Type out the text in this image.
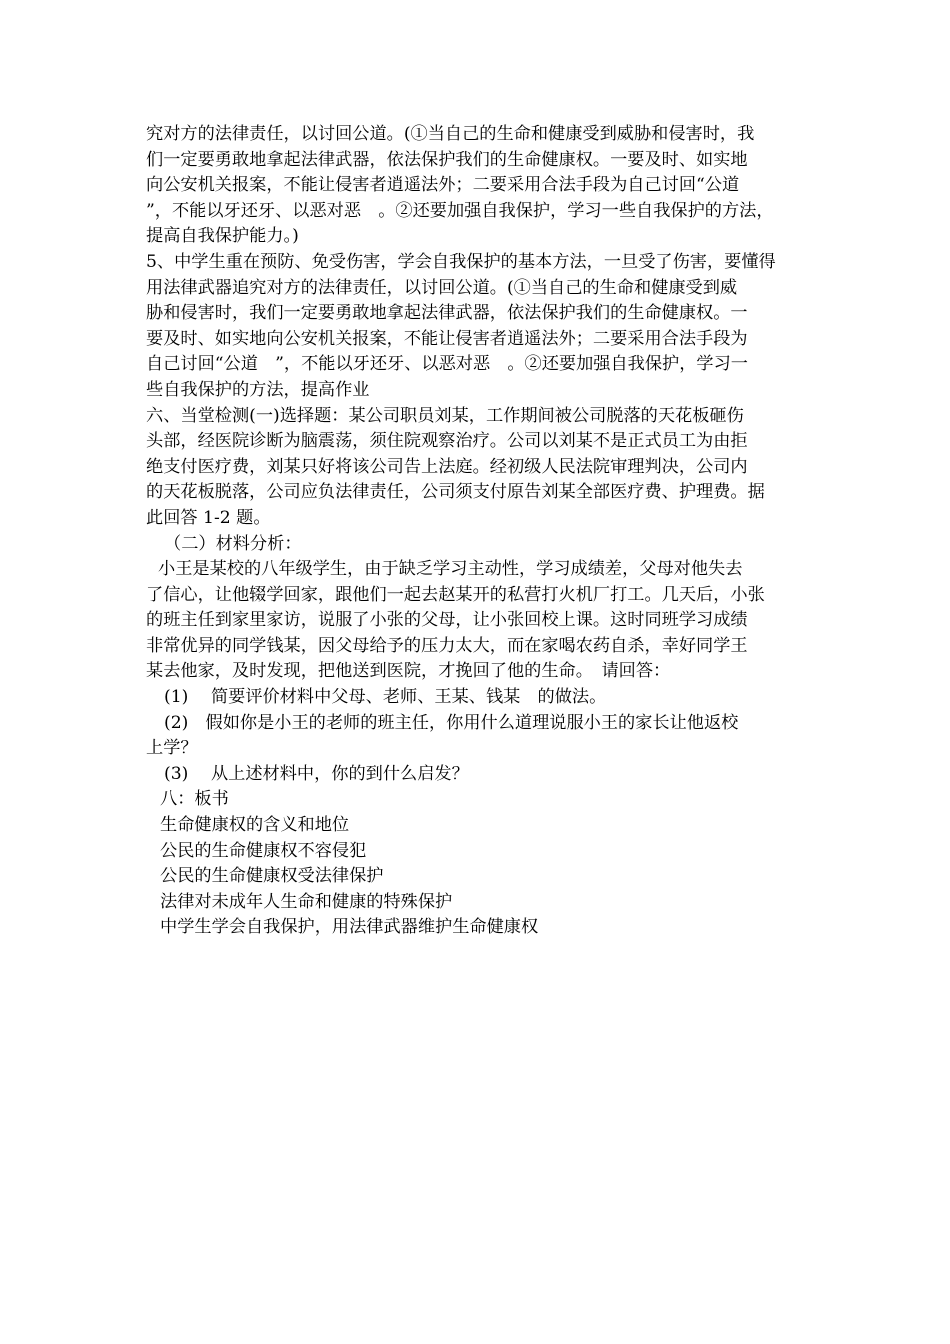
究对方的法律责任，以讨回公道。(①当自己的生命和健康受到威胁和侵害时，我
们一定要勇敢地拿起法律武器，依法保护我们的生命健康权。一要及时、如实地
向公安机关报案，不能让侵害者逍遥法外；二要采用合法手段为自己讨回“公道
”，不能以牙还牙、以恶对恶　。②还要加强自我保护，学习一些自我保护的方法，
提高自我保护能力。)
5、中学生重在预防、免受伤害，学会自我保护的基本方法，一旦受了伤害，要懂得
用法律武器追究对方的法律责任，以讨回公道。(①当自己的生命和健康受到威
胁和侵害时，我们一定要勇敢地拿起法律武器，依法保护我们的生命健康权。一
要及时、如实地向公安机关报案，不能让侵害者逍遥法外；二要采用合法手段为
自己讨回“公道　”，不能以牙还牙、以恶对恶　。②还要加强自我保护，学习一
些自我保护的方法，提高作业
六、当堂检测(一)选择题：某公司职员刘某，工作期间被公司脱落的天花板砸伤
头部，经医院诊断为脑震荡，须住院观察治疗。公司以刘某不是正式员工为由拒
绝支付医疗费，刘某只好将该公司告上法庭。经初级人民法院审理判决，公司内
的天花板脱落，公司应负法律责任，公司须支付原告刘某全部医疗费、护理费。据
此回答 1-2 题。
（二）材料分析：
小王是某校的八年级学生，由于缺乏学习主动性，学习成绩差，父母对他失去
了信心，让他辍学回家，跟他们一起去赵某开的私营打火机厂打工。几天后，小张
的班主任到家里家访，说服了小张的父母，让小张回校上课。这时同班学习成绩
非常优异的同学钱某，因父母给予的压力太大，而在家喝农药自杀，幸好同学王
某去他家，及时发现，把他送到医院，才挽回了他的生命。　请回答：
(1)　 简要评价材料中父母、老师、王某、钱某　的做法。
(2)　假如你是小王的老师的班主任，你用什么道理说服小王的家长让他返校
上学？
(3)　 从上述材料中，你的到什么启发？
八：板书
生命健康权的含义和地位
公民的生命健康权不容侵犯
公民的生命健康权受法律保护
法律对未成年人生命和健康的特殊保护
中学生学会自我保护，用法律武器维护生命健康权
